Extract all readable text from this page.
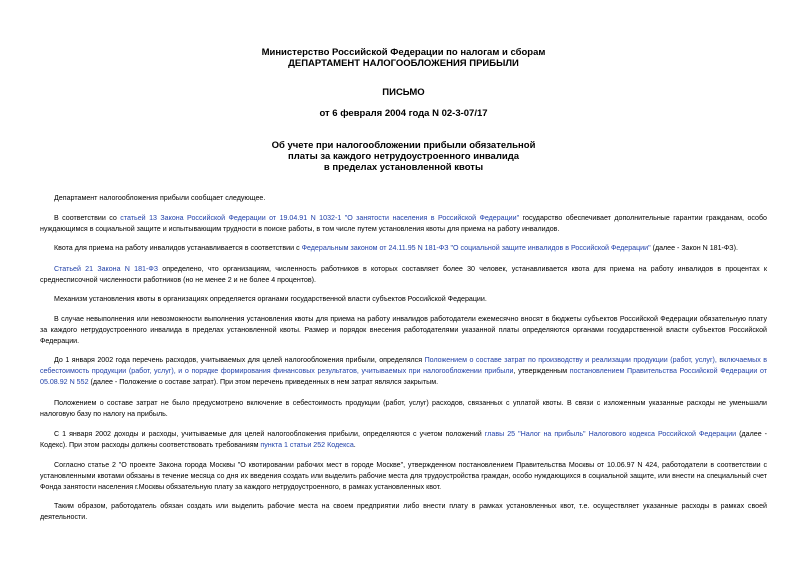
Министерство Российской Федерации по налогам и сборам
ДЕПАРТАМЕНТ НАЛОГООБЛОЖЕНИЯ ПРИБЫЛИ
ПИСЬМО
от 6 февраля 2004 года N 02-3-07/17
Об учете при налогообложении прибыли обязательной
платы за каждого нетрудоустроенного инвалида
в пределах установленной квоты
Департамент налогообложения прибыли сообщает следующее.
В соответствии со статьей 13 Закона Российской Федерации от 19.04.91 N 1032-1 "О занятости населения в Российской Федерации" государство обеспечивает дополнительные гарантии гражданам, особо нуждающимся в социальной защите и испытывающим трудности в поиске работы, в том числе путем установления квоты для приема на работу инвалидов.
Квота для приема на работу инвалидов устанавливается в соответствии с Федеральным законом от 24.11.95 N 181-ФЗ "О социальной защите инвалидов в Российской Федерации" (далее - Закон N 181-ФЗ).
Статьей 21 Закона N 181-ФЗ определено, что организациям, численность работников в которых составляет более 30 человек, устанавливается квота для приема на работу инвалидов в процентах к среднесписочной численности работников (но не менее 2 и не более 4 процентов).
Механизм установления квоты в организациях определяется органами государственной власти субъектов Российской Федерации.
В случае невыполнения или невозможности выполнения установления квоты для приема на работу инвалидов работодатели ежемесячно вносят в бюджеты субъектов Российской Федерации обязательную плату за каждого нетрудоустроенного инвалида в пределах установленной квоты. Размер и порядок внесения работодателями указанной платы определяются органами государственной власти субъектов Российской Федерации.
До 1 января 2002 года перечень расходов, учитываемых для целей налогообложения прибыли, определялся Положением о составе затрат по производству и реализации продукции (работ, услуг), включаемых в себестоимость продукции (работ, услуг), и о порядке формирования финансовых результатов, учитываемых при налогообложении прибыли, утвержденным постановлением Правительства Российской Федерации от 05.08.92 N 552 (далее - Положение о составе затрат). При этом перечень приведенных в нем затрат являлся закрытым.
Положением о составе затрат не было предусмотрено включение в себестоимость продукции (работ, услуг) расходов, связанных с уплатой квоты. В связи с изложенным указанные расходы не уменьшали налоговую базу по налогу на прибыль.
С 1 января 2002 доходы и расходы, учитываемые для целей налогообложения прибыли, определяются с учетом положений главы 25 "Налог на прибыль" Налогового кодекса Российской Федерации (далее - Кодекс). При этом расходы должны соответствовать требованиям пункта 1 статьи 252 Кодекса.
Согласно статье 2 "О проекте Закона города Москвы "О квотировании рабочих мест в городе Москве", утвержденном постановлением Правительства Москвы от 10.06.97 N 424, работодатели в соответствии с установленными квотами обязаны в течение месяца со дня их введения создать или выделить рабочие места для трудоустройства граждан, особо нуждающихся в социальной защите, или внести на специальный счет Фонда занятости населения г.Москвы обязательную плату за каждого нетрудоустроенного, в рамках установленных квот.
Таким образом, работодатель обязан создать или выделить рабочие места на своем предприятии либо внести плату в рамках установленных квот, т.е. осуществляет указанные расходы в рамках своей деятельности.
